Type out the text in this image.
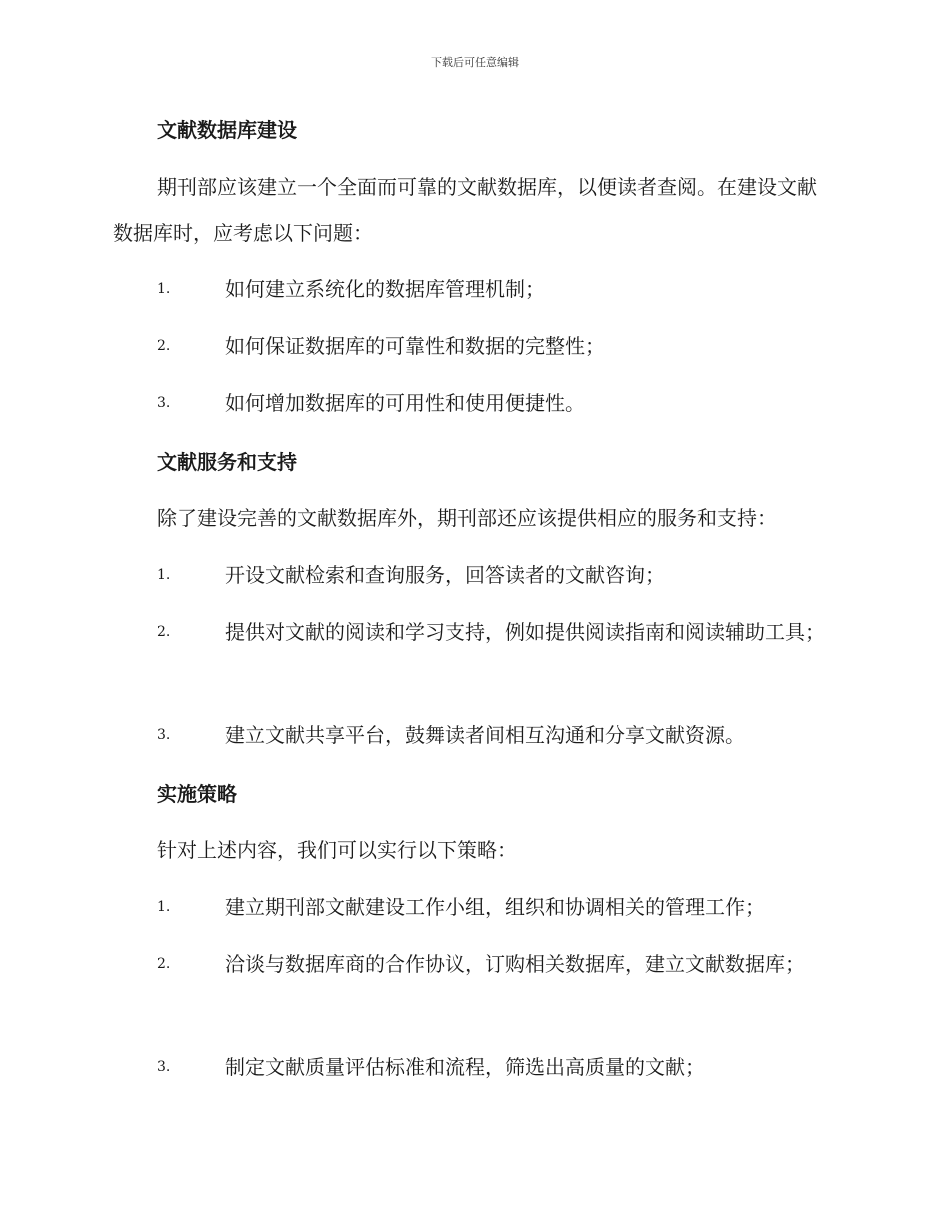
下载后可任意编辑
文献数据库建设
期刊部应该建立一个全面而可靠的文献数据库，以便读者查阅。在建设文献数据库时，应考虑以下问题：
1.	如何建立系统化的数据库管理机制；
2.	如何保证数据库的可靠性和数据的完整性；
3.	如何增加数据库的可用性和使用便捷性。
文献服务和支持
除了建设完善的文献数据库外，期刊部还应该提供相应的服务和支持：
1.	开设文献检索和查询服务，回答读者的文献咨询；
2.	提供对文献的阅读和学习支持，例如提供阅读指南和阅读辅助工具；
3.	建立文献共享平台，鼓舞读者间相互沟通和分享文献资源。
实施策略
针对上述内容，我们可以实行以下策略：
1.	建立期刊部文献建设工作小组，组织和协调相关的管理工作；
2.	洽谈与数据库商的合作协议，订购相关数据库，建立文献数据库；
3.	制定文献质量评估标准和流程，筛选出高质量的文献；
